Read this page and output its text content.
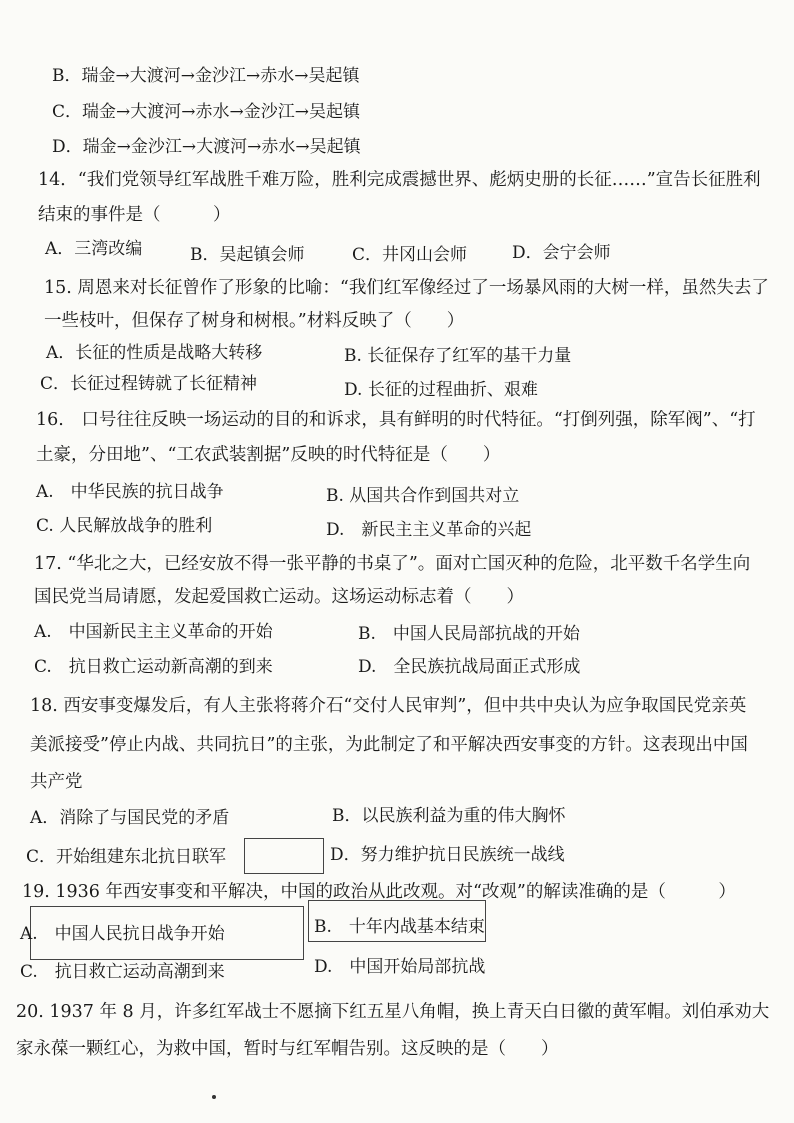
B．瑞金→大渡河→金沙江→赤水→吴起镇
C．瑞金→大渡河→赤水→金沙江→吴起镇
D．瑞金→金沙江→大渡河→赤水→吴起镇
14．“我们党领导红军战胜千难万险，胜利完成震撼世界、彪炳史册的长征……”宣告长征胜利
结束的事件是（　　　）
A．三湾改编	B．吴起镇会师	C．井冈山会师	D．会宁会师
15. 周恩来对长征曾作了形象的比喻：“我们红军像经过了一场暴风雨的大树一样，虽然失去了
一些枝叶，但保存了树身和树根。”材料反映了（　　）
A．长征的性质是战略大转移	B. 长征保存了红军的基干力量
C．长征过程铸就了长征精神	D. 长征的过程曲折、艰难
16.　口号往往反映一场运动的目的和诉求，具有鲜明的时代特征。“打倒列强，除军阀”、“打
土豪，分田地”、“工农武装割据”反映的时代特征是（　　）
A.　中华民族的抗日战争	B. 从国共合作到国共对立
C. 人民解放战争的胜利	D.　新民主主义革命的兴起
17. “华北之大，已经安放不得一张平静的书桌了”。面对亡国灭种的危险，北平数千名学生向
国民党当局请愿，发起爱国救亡运动。这场运动标志着（　　）
A.　中国新民主主义革命的开始	B.　中国人民局部抗战的开始
C.　抗日救亡运动新高潮的到来	D.　全民族抗战局面正式形成
18. 西安事变爆发后，有人主张将蒋介石“交付人民审判”，但中共中央认为应争取国民党亲英
美派接受”停止内战、共同抗日”的主张，为此制定了和平解决西安事变的方针。这表现出中国
共产党
A．消除了与国民党的矛盾	B．以民族利益为重的伟大胸怀
C．开始组建东北抗日联军	D．努力维护抗日民族统一战线
19. 1936 年西安事变和平解决，中国的政治从此改观。对“改观”的解读准确的是（　　　）
A.　中国人民抗日战争开始	B.　十年内战基本结束
C.　抗日救亡运动高潮到来	D.　中国开始局部抗战
20. 1937 年 8 月，许多红军战士不愿摘下红五星八角帽，换上青天白日徽的黄军帽。刘伯承劝大
家永葆一颗红心，为救中国，暂时与红军帽告别。这反映的是（　　）
